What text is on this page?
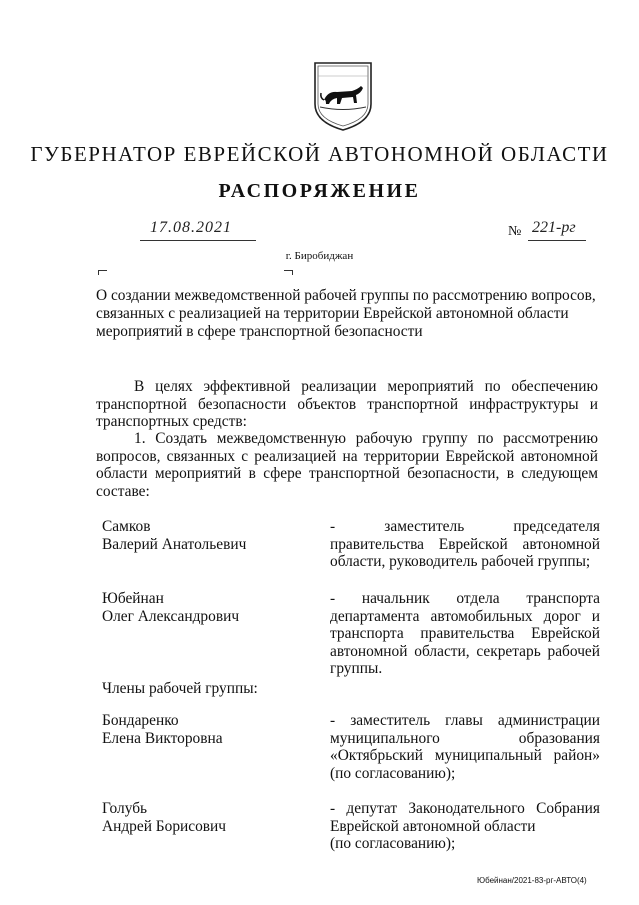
ГУБЕРНАТОР ЕВРЕЙСКОЙ АВТОНОМНОЙ ОБЛАСТИ
РАСПОРЯЖЕНИЕ
17.08.2021	№ 221-рг
г. Биробиджан
О создании межведомственной рабочей группы по рассмотрению вопросов,
связанных с реализацией на территории Еврейской автономной области
мероприятий в сфере транспортной безопасности
В целях эффективной реализации мероприятий по обеспечению транспортной безопасности объектов транспортной инфраструктуры и транспортных средств:
1. Создать межведомственную рабочую группу по рассмотрению вопросов, связанных с реализацией на территории Еврейской автономной области мероприятий в сфере транспортной безопасности, в следующем составе:
Самков
Валерий Анатольевич
- заместитель председателя
правительства Еврейской автономной
области, руководитель рабочей группы;
Юбейнан
Олег Александрович
- начальник отдела транспорта
департамента автомобильных дорог и
транспорта правительства Еврейской
автономной области, секретарь рабочей
группы.
Члены рабочей группы:
Бондаренко
Елена Викторовна
- заместитель главы администрации
муниципального образования
«Октябрьский муниципальный район»
(по согласованию);
Голубь
Андрей Борисович
- депутат Законодательного Собрания
Еврейской автономной области
(по согласованию);
Юбейнан/2021-83-рг-АВТО(4)
